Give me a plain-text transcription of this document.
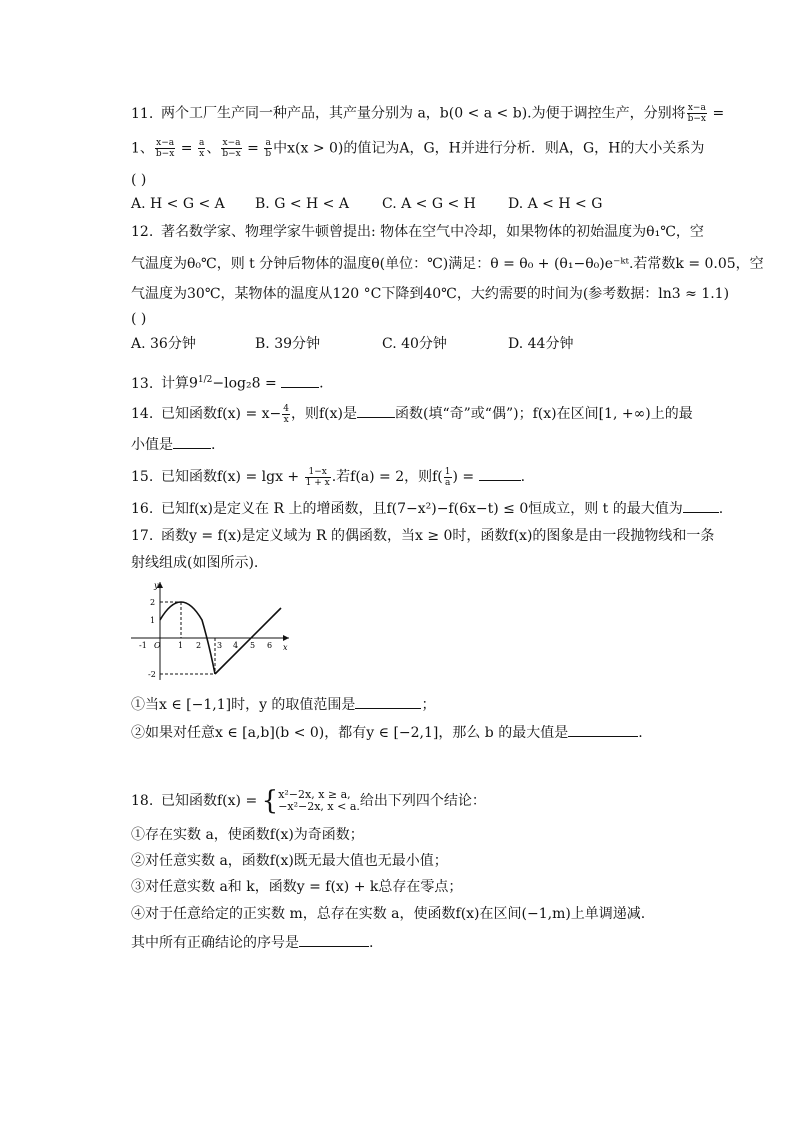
11. 两个工厂生产同一种产品，其产量分别为 a，b(0 < a < b).为便于调控生产，分别将 $\frac{x-a}{b-x}$ =
1、 $\frac{x-a}{b-x} = \frac{a}{x}$ 、 $\frac{x-a}{b-x} = \frac{a}{b}$ 中x(x > 0)的值记为A，G，H并进行分析．则A，G，H的大小关系为
( )
A. H < G < A B. G < H < A C. A < G < H D. A < H < G
12. 著名数学家、物理学家牛顿曾提出: 物体在空气中冷却，如果物体的初始温度为θ₁℃，空
气温度为θ₀℃，则 t 分钟后物体的温度θ(单位：℃)满足：θ = θ₀ + (θ₁−θ₀)e⁻ᵏᵗ.若常数k = 0.05，空
气温度为30℃，某物体的温度从120 °C下降到40℃，大约需要的时间为(参考数据：ln3 ≈ 1.1)
( )
A. 36分钟	B. 39分钟	C. 40分钟	D. 44分钟
13. 计算$9^{1/2}-\log_28$ =	.
14. 已知函数$f(x) = x- \frac{4}{x}$ ，则f(x)是	函数(填“奇”或“偶”)；f(x)在区间[1, +∞)上的最
小值是	.
15. 已知函数$f(x) = \lg x + \frac{1-x}{1 + x}$ .若f(a) = 2，则$f( \frac{1}{a}$ ) =	.
16. 已知f(x)是定义在 R 上的增函数，且f(7−x²)−f(6x−t) ≤ 0恒成立，则 t 的最大值为	.
17. 函数y = f(x)是定义域为 R 的偶函数，当x ≥ 0时，函数f(x)的图象是由一段抛物线和一条
射线组成(如图所示).
y
x
2
1
-2
-1 O 1 2 3 4 5 6
①当x ∈ [−1,1]时，y 的取值范围是	；
②如果对任意x ∈ [a,b](b < 0)，都有y ∈ [−2,1]，那么 b 的最大值是	.
18. 已知函数f(x) = { x²−2x, x ≥ a,
−x²−2x, x < a. 给出下列四个结论：
①存在实数 a，使函数f(x)为奇函数；
②对任意实数 a，函数f(x)既无最大值也无最小值；
③对任意实数 a和 k，函数y = f(x) + k总存在零点；
④对于任意给定的正实数 m，总存在实数 a，使函数f(x)在区间(−1,m)上单调递减.
其中所有正确结论的序号是	.
